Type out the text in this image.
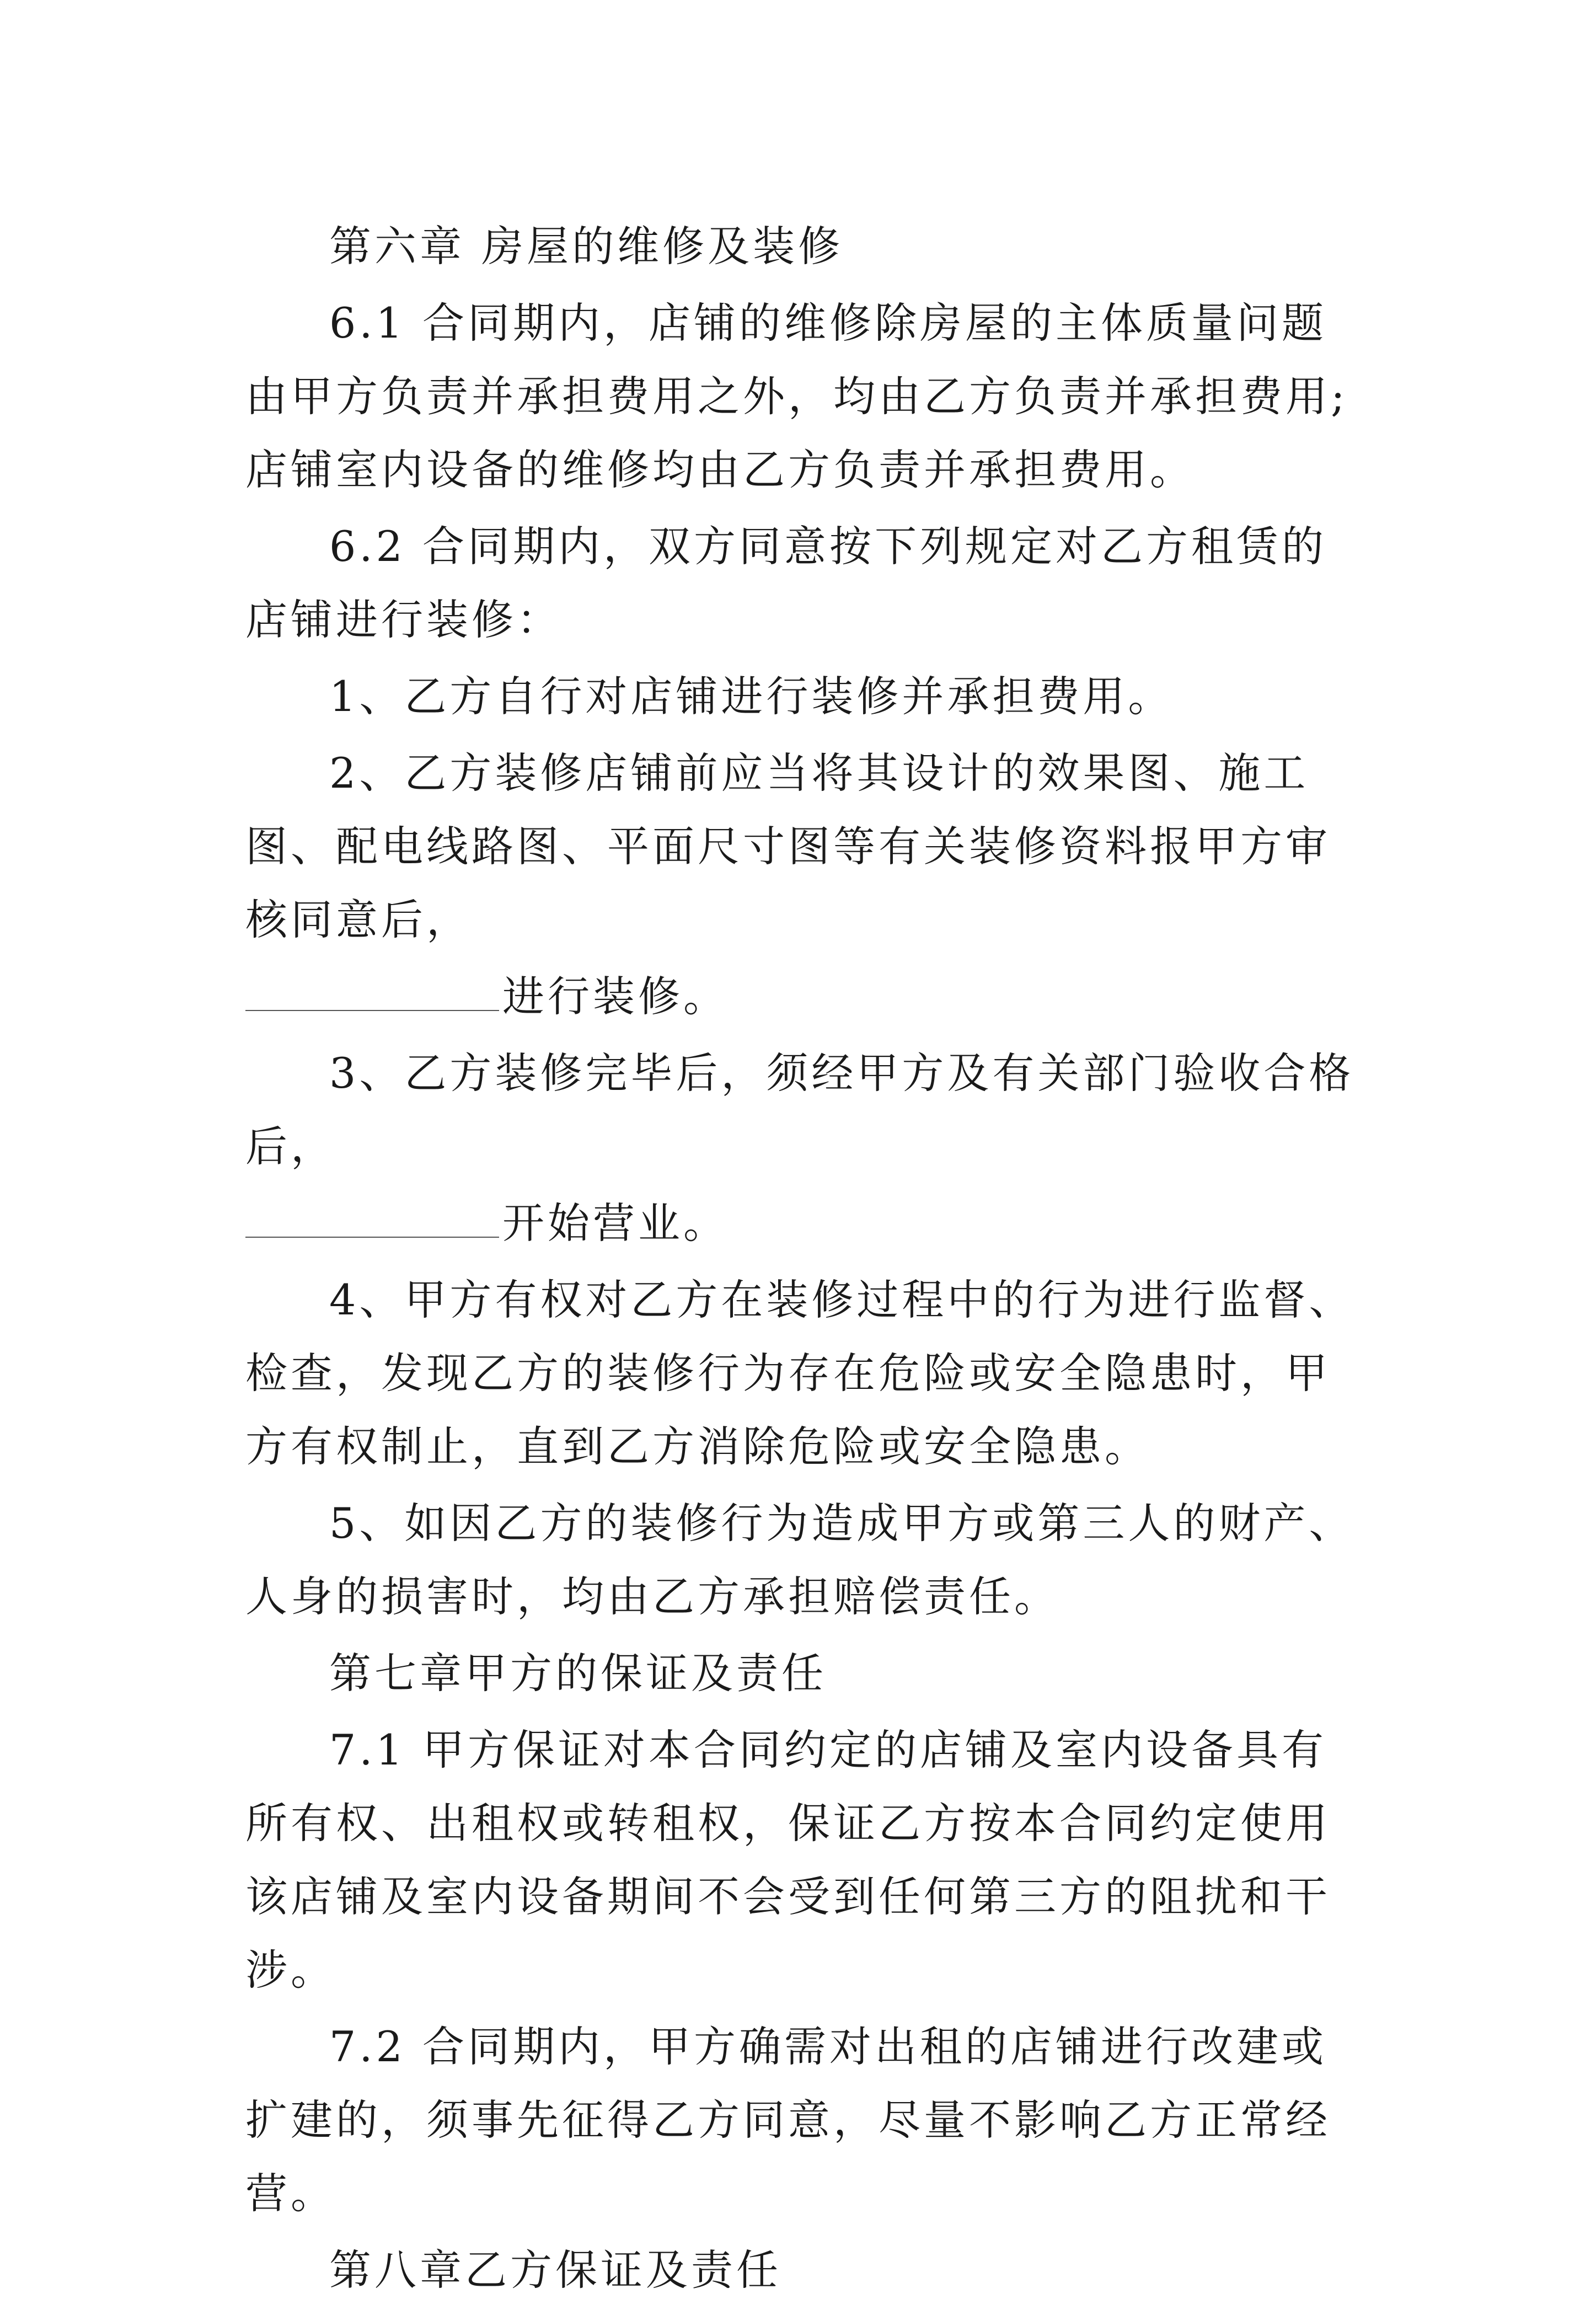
第六章 房屋的维修及装修

6.1 合同期内，店铺的维修除房屋的主体质量问题由甲方负责并承担费用之外，均由乙方负责并承担费用;店铺室内设备的维修均由乙方负责并承担费用。

6.2 合同期内，双方同意按下列规定对乙方租赁的店铺进行装修：

1、乙方自行对店铺进行装修并承担费用。

2、乙方装修店铺前应当将其设计的效果图、施工图、配电线路图、平面尺寸图等有关装修资料报甲方审核同意后，

进行装修。

3、乙方装修完毕后，须经甲方及有关部门验收合格后，

开始营业。

4、甲方有权对乙方在装修过程中的行为进行监督、检查，发现乙方的装修行为存在危险或安全隐患时，甲方有权制止，直到乙方消除危险或安全隐患。

5、如因乙方的装修行为造成甲方或第三人的财产、人身的损害时，均由乙方承担赔偿责任。

第七章甲方的保证及责任

7.1 甲方保证对本合同约定的店铺及室内设备具有所有权、出租权或转租权，保证乙方按本合同约定使用该店铺及室内设备期间不会受到任何第三方的阻扰和干涉。

7.2 合同期内，甲方确需对出租的店铺进行改建或扩建的，须事先征得乙方同意，尽量不影响乙方正常经营。

第八章乙方保证及责任
